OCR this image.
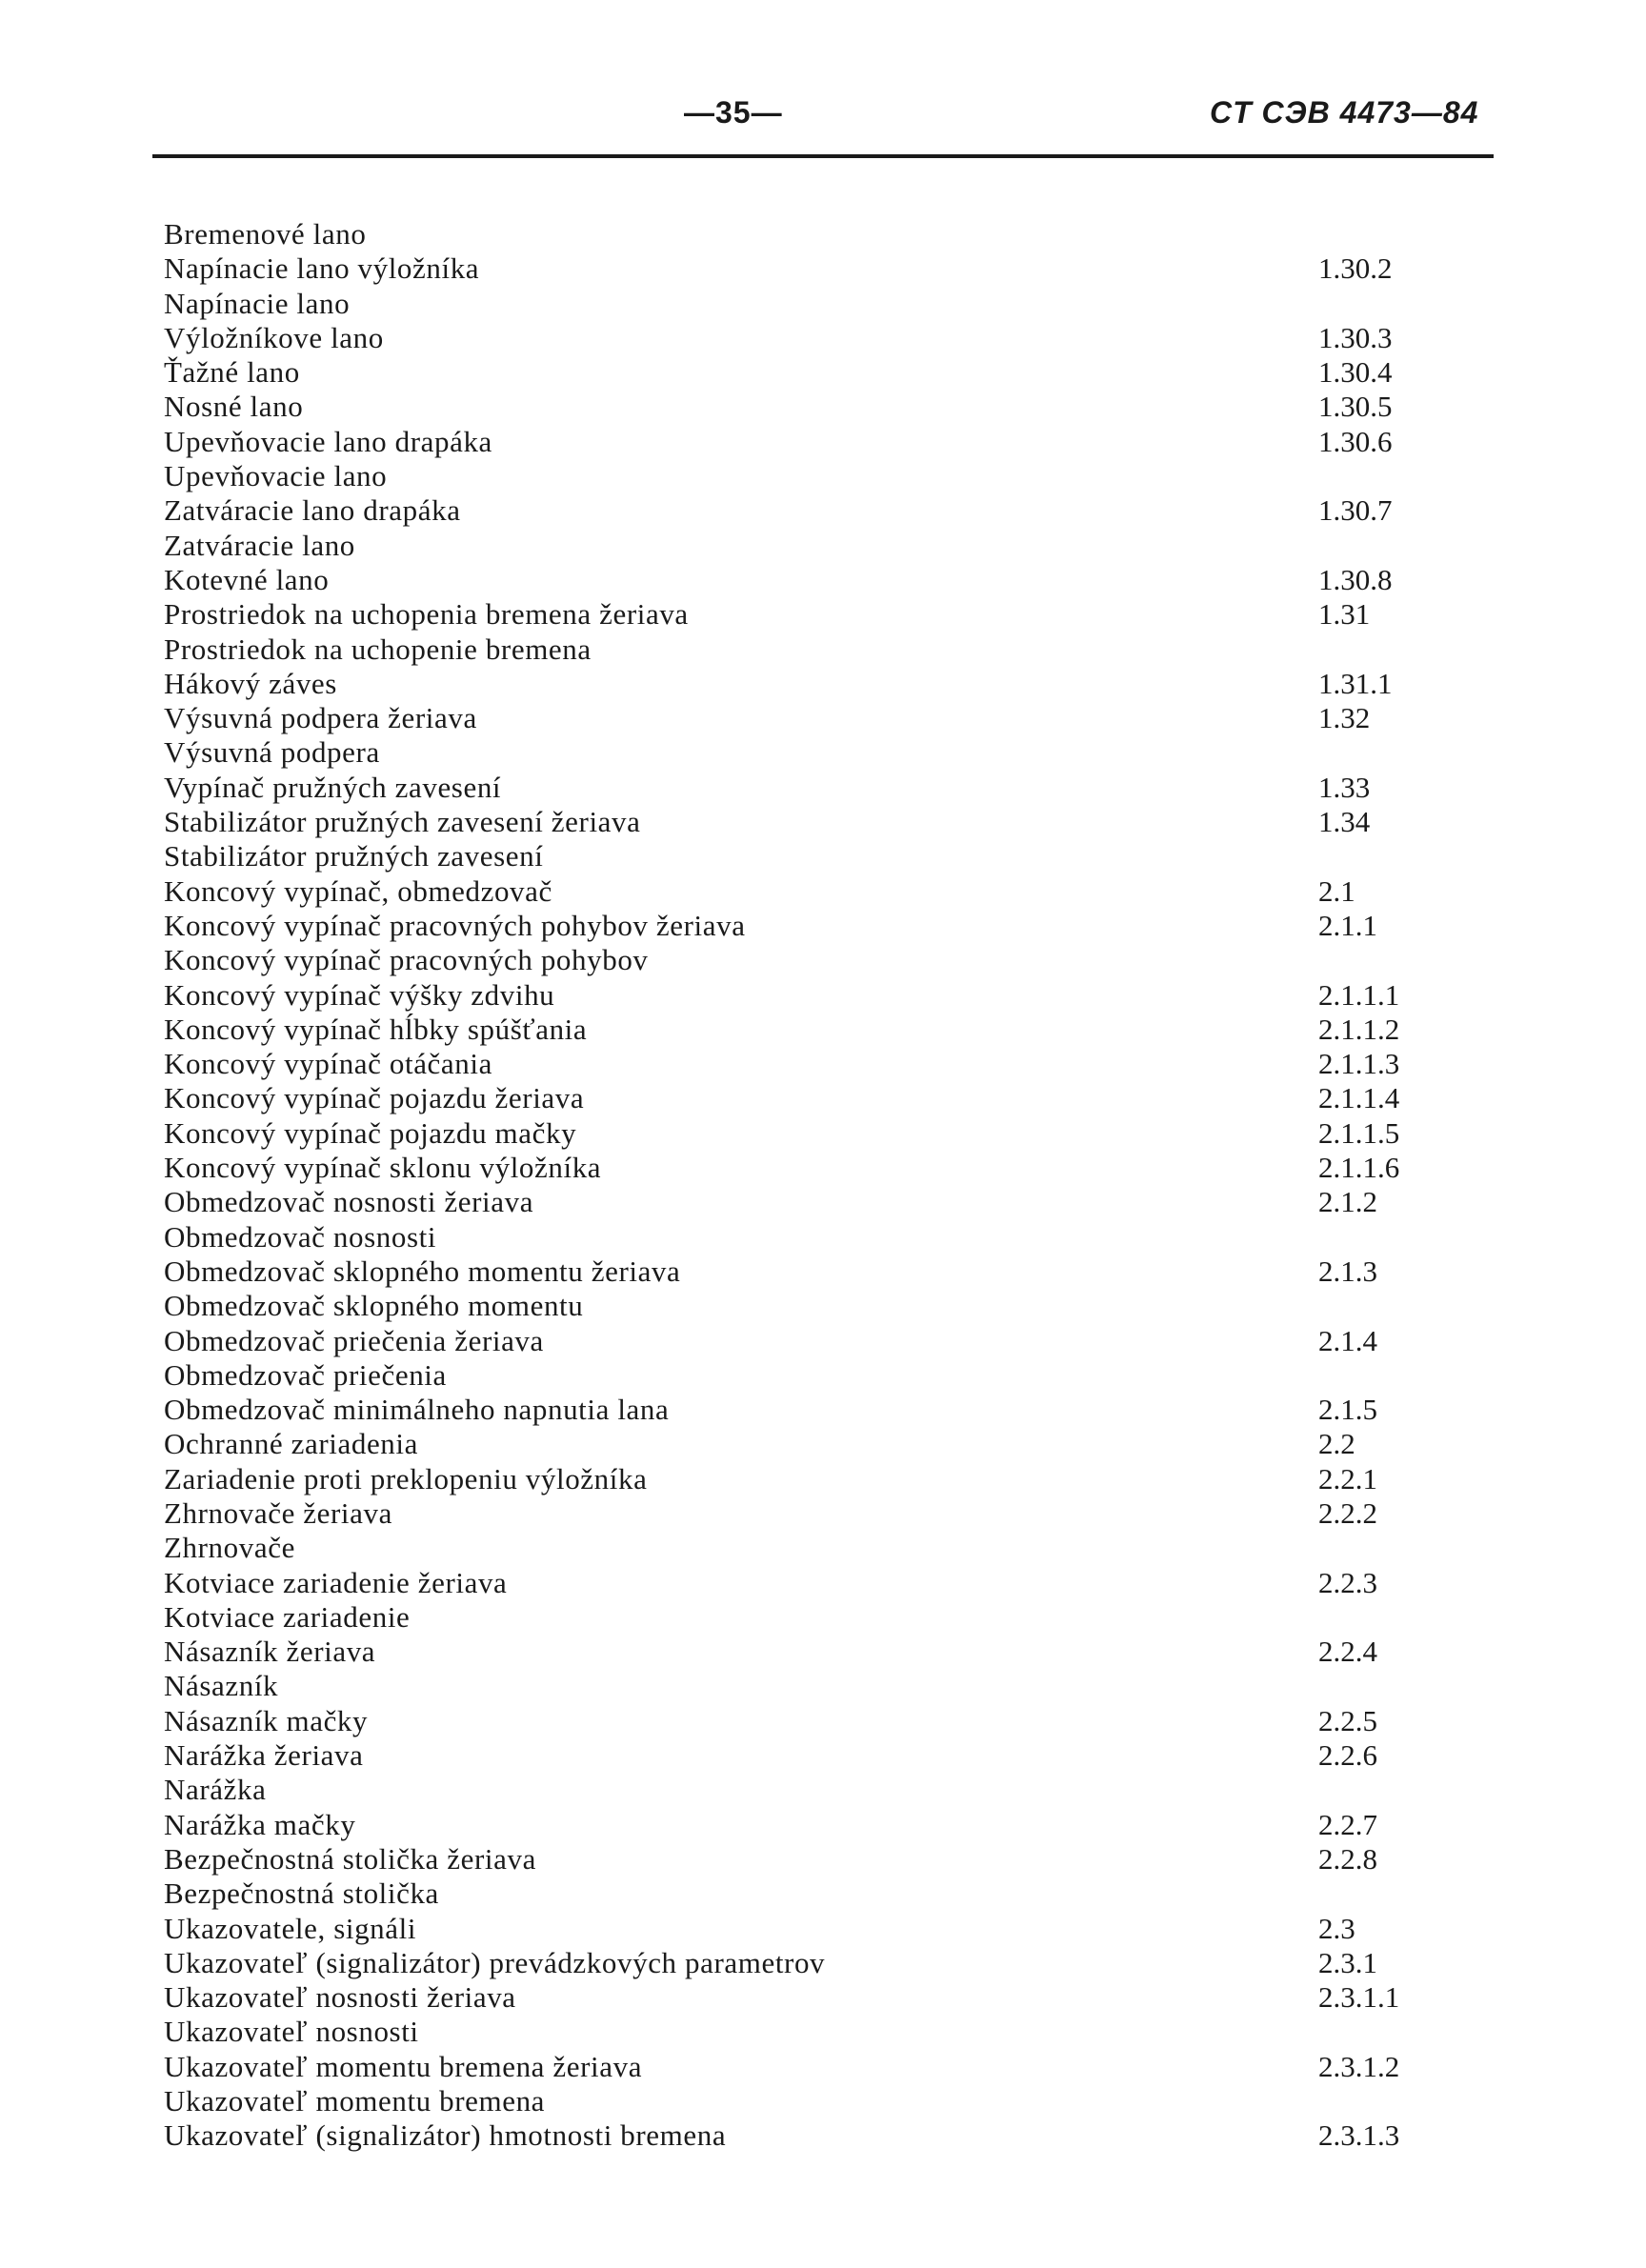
—35—	CT CЭB 4473—84
Bremenové lano
Napínacie lano výložníka	1.30.2
Napínacie lano
Výložníkove lano	1.30.3
Ťažné lano	1.30.4
Nosné lano	1.30.5
Upevňovacie lano drapáka	1.30.6
Upevňovacie lano
Zatváracie lano drapáka	1.30.7
Zatváracie lano
Kotevné lano	1.30.8
Prostriedok na uchopenia bremena žeriava	1.31
Prostriedok na uchopenie bremena
Hákový záves	1.31.1
Výsuvná podpera žeriava	1.32
Výsuvná podpera
Vypínač pružných zavesení	1.33
Stabilizátor pružných zavesení žeriava	1.34
Stabilizátor pružných zavesení
Koncový vypínač, obmedzovač	2.1
Koncový vypínač pracovných pohybov žeriava	2.1.1
Koncový vypínač pracovných pohybov
Koncový vypínač výšky zdvihu	2.1.1.1
Koncový vypínač hĺbky spúšťania	2.1.1.2
Koncový vypínač otáčania	2.1.1.3
Koncový vypínač pojazdu žeriava	2.1.1.4
Koncový vypínač pojazdu mačky	2.1.1.5
Koncový vypínač sklonu výložníka	2.1.1.6
Obmedzovač nosnosti žeriava	2.1.2
Obmedzovač nosnosti
Obmedzovač sklopného momentu žeriava	2.1.3
Obmedzovač sklopného momentu
Obmedzovač priečenia žeriava	2.1.4
Obmedzovač priečenia
Obmedzovač minimálneho napnutia lana	2.1.5
Ochranné zariadenia	2.2
Zariadenie proti preklopeniu výložníka	2.2.1
Zhrnovače žeriava	2.2.2
Zhrnovače
Kotviace zariadenie žeriava	2.2.3
Kotviace zariadenie
Násazník žeriava	2.2.4
Násazník
Násazník mačky	2.2.5
Narážka žeriava	2.2.6
Narážka
Narážka mačky	2.2.7
Bezpečnostná stolička žeriava	2.2.8
Bezpečnostná stolička
Ukazovatele, signáli	2.3
Ukazovateľ (signalizátor) prevádzkových parametrov	2.3.1
Ukazovateľ nosnosti žeriava	2.3.1.1
Ukazovateľ nosnosti
Ukazovateľ momentu bremena žeriava	2.3.1.2
Ukazovateľ momentu bremena
Ukazovateľ (signalizátor) hmotnosti bremena	2.3.1.3
